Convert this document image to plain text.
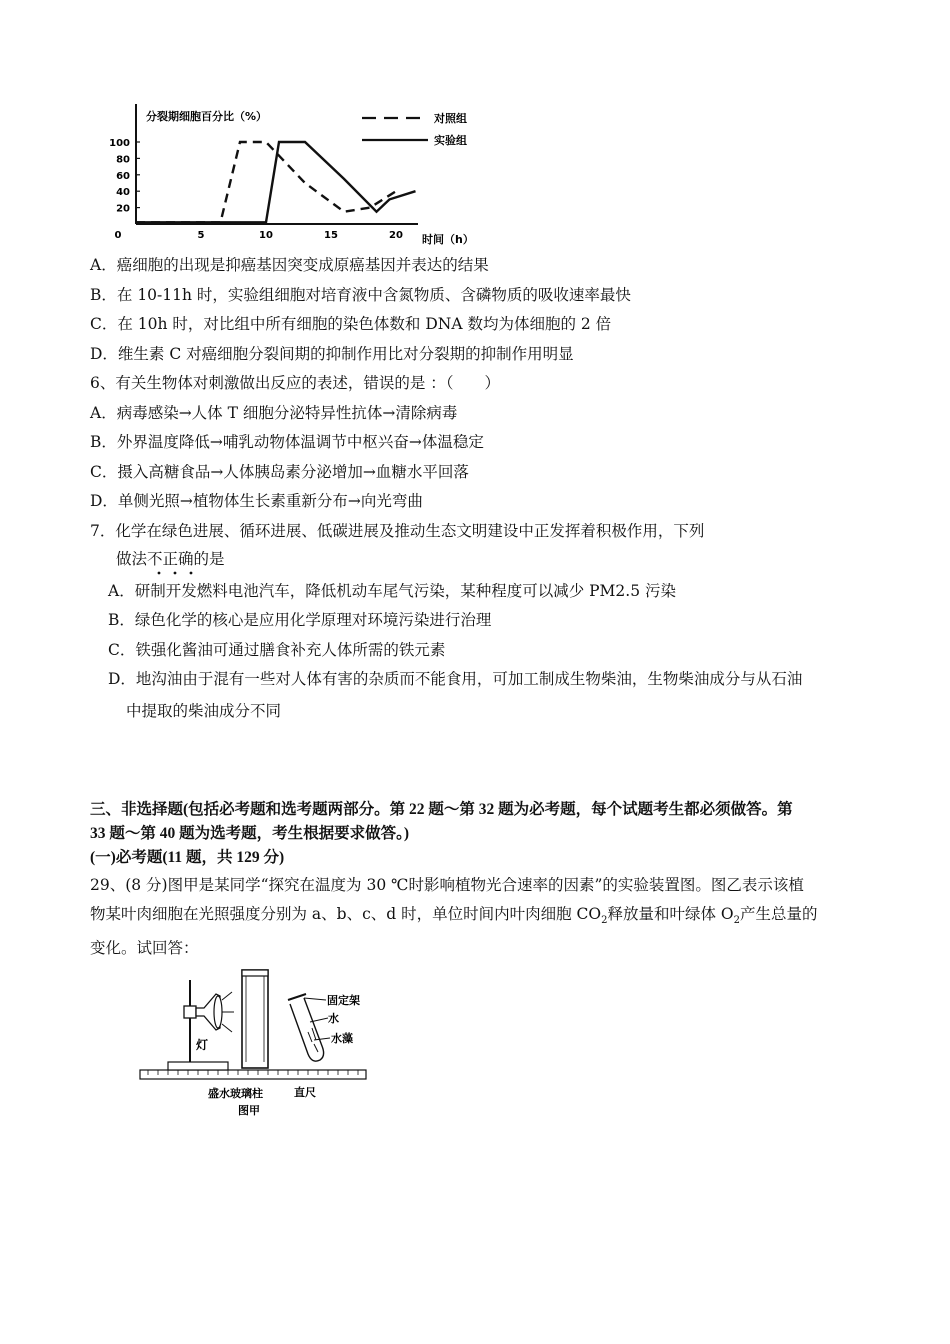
分裂期细胞百分比（%）	对照组
实验组
20
40
60
80
100
0	5	10	15	20 时间（h）
A．癌细胞的出现是抑癌基因突变成原癌基因并表达的结果
B．在 10-11h 时，实验组细胞对培育液中含氮物质、含磷物质的吸收速率最快
C．在 10h 时，对比组中所有细胞的染色体数和 DNA 数均为体细胞的 2 倍
D．维生素 C 对癌细胞分裂间期的抑制作用比对分裂期的抑制作用明显
6、有关生物体对刺激做出反应的表述，错误的是 ：（　　）
A．病毒感染→人体 T 细胞分泌特异性抗体→清除病毒
B．外界温度降低→哺乳动物体温调节中枢兴奋→体温稳定
C．摄入高糖食品→人体胰岛素分泌增加→血糖水平回落
D．单侧光照→植物体生长素重新分布→向光弯曲
7．化学在绿色进展、循环进展、低碳进展及推动生态文明建设中正发挥着积极作用，下列
做法不正确的是
A．研制开发燃料电池汽车，降低机动车尾气污染，某种程度可以减少 PM2.5 污染
B．绿色化学的核心是应用化学原理对环境污染进行治理
C．铁强化酱油可通过膳食补充人体所需的铁元素
D．地沟油由于混有一些对人体有害的杂质而不能食用，可加工制成生物柴油，生物柴油成分与从石油
中提取的柴油成分不同
三、非选择题(包括必考题和选考题两部分。第 22 题～第 32 题为必考题，每个试题考生都必须做答。第
33 题～第 40 题为选考题，考生根据要求做答。)
(一)必考题(11 题，共 129 分)
29、(8 分)图甲是某同学“探究在温度为 30 ℃时影响植物光合速率的因素”的实验装置图。图乙表示该植
物某叶肉细胞在光照强度分别为 a、b、c、d 时，单位时间内叶肉细胞 $CO_2$释放量和叶绿体 $O_2$产生总量的
变化。试回答：
灯
固定架
水
水藻
盛水玻璃柱	直尺
图甲
